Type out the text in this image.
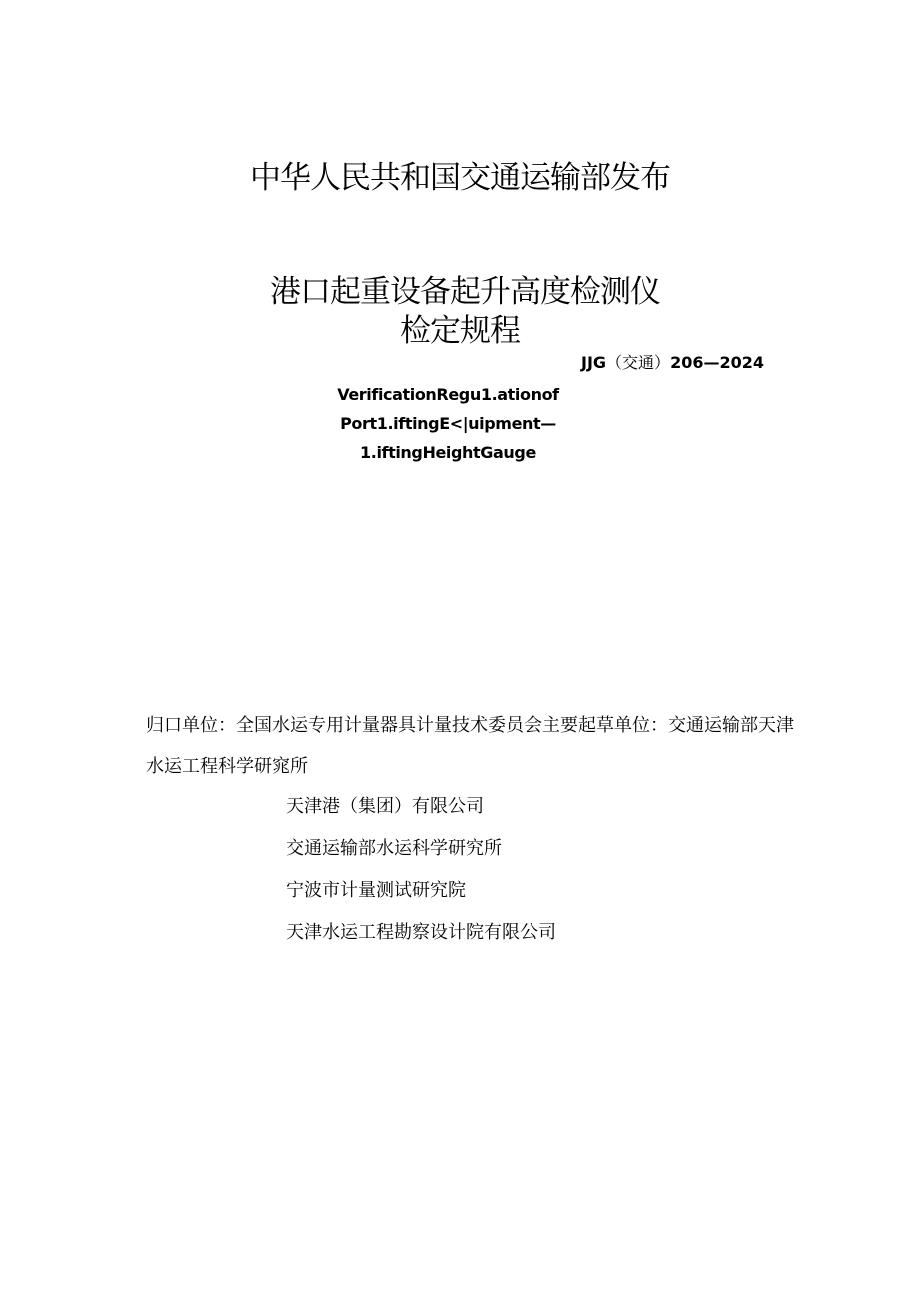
中华人民共和国交通运输部发布
港口起重设备起升高度检测仪
检定规程
JJG（交通）206—2024
VerificationRegu1.ationof
Port1.iftingE<|uipment—
1.iftingHeightGauge
归口单位：全国水运专用计量器具计量技术委员会主要起草单位：交通运输部天津水运工程科学研窕所
天津港（集团）有限公司
交通运输部水运科学研究所
宁波市计量测试研究院
天津水运工程勘察设计院有限公司
